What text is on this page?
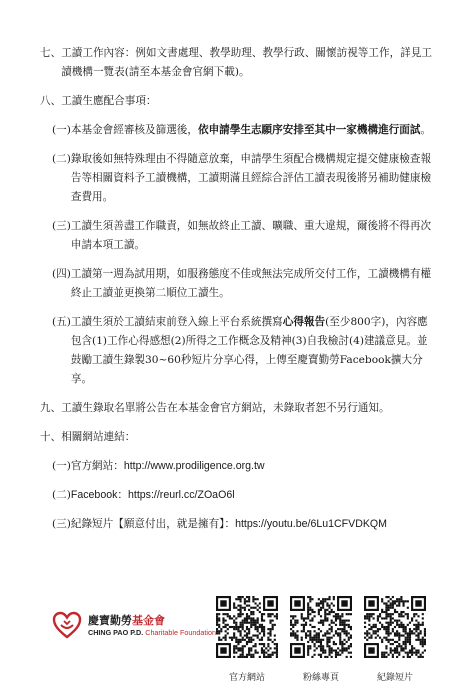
七、 工讀工作內容：例如文書處理、教學助理、教學行政、關懷訪視等工作，詳見工讀機構一覽表(請至本基金會官網下載)。
八、 工讀生應配合事項：
(一) 本基金會經審核及篩選後，依申請學生志願序安排至其中一家機構進行面試。
(二) 錄取後如無特殊理由不得隨意放棄，申請學生須配合機構規定提交健康檢查報告等相關資料予工讀機構，工讀期滿且經綜合評估工讀表現後將另補助健康檢查費用。
(三) 工讀生須善盡工作職責，如無故終止工讀、曠職、重大違規，爾後將不得再次申請本項工讀。
(四) 工讀第一週為試用期，如服務態度不佳或無法完成所交付工作，工讀機構有權終止工讀並更換第二順位工讀生。
(五) 工讀生須於工讀結束前登入線上平台系統撰寫心得報告(至少800字)，內容應包含(1)工作心得感想(2)所得之工作概念及精神(3)自我檢討(4)建議意見。並鼓勵工讀生錄製30~60秒短片分享心得，上傳至慶寶勤勞Facebook擴大分享。
九、 工讀生錄取名單將公告在本基金會官方網站，未錄取者恕不另行通知。
十、 相關網站連結：
(一) 官方網站： http://www.prodiligence.org.tw
(二) Facebook： https://reurl.cc/ZOaO6l
(三) 紀錄短片【願意付出，就是擁有】： https://youtu.be/6Lu1CFVDKQM
慶寶勤勞基金會
CHING PAO P.D. Charitable Foundation
官方網站	粉絲專頁	紀錄短片
